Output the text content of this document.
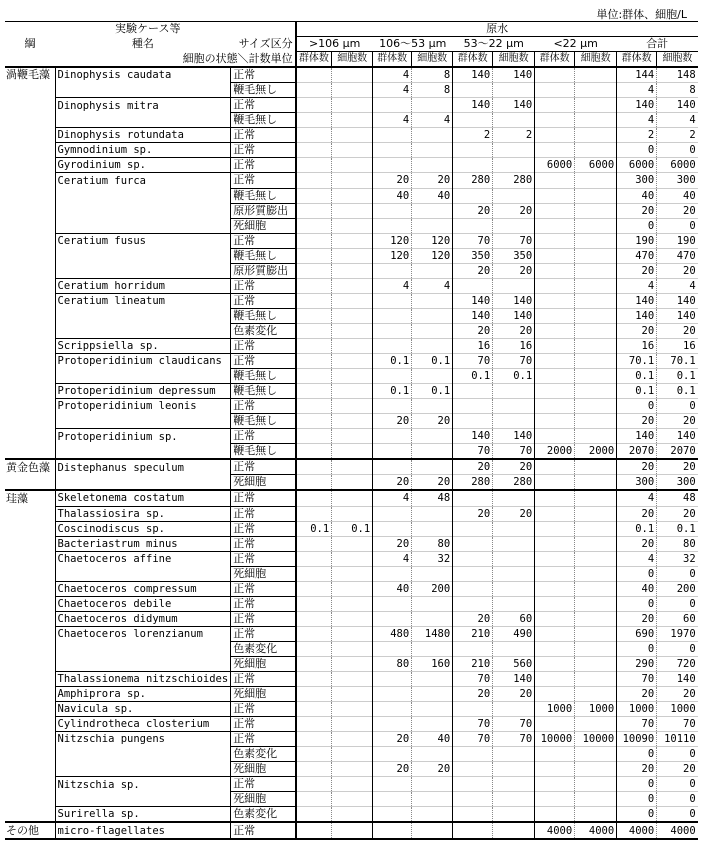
単位:群体、細胞/L
	実験ケース等		原水									
綱	種名	サイズ区分	>106 μm		106～53 μm		53～22 μm		<22 μm		合計	
	細胞の状態＼計数単位		群体数	細胞数	群体数	細胞数	群体数	細胞数	群体数	細胞数	群体数	細胞数
渦鞭毛藻	Dinophysis caudata	正常			4	8	140	140			144	148
		鞭毛無し			4	8					4	8
	Dinophysis mitra	正常					140	140			140	140
		鞭毛無し			4	4					4	4
	Dinophysis rotundata	正常					2	2			2	2
	Gymnodinium sp.	正常									0	0
	Gyrodinium sp.	正常							6000	6000	6000	6000
	Ceratium furca	正常			20	20	280	280			300	300
		鞭毛無し			40	40					40	40
		原形質膨出					20	20			20	20
		死細胞									0	0
	Ceratium fusus	正常			120	120	70	70			190	190
		鞭毛無し			120	120	350	350			470	470
		原形質膨出					20	20			20	20
	Ceratium horridum	正常			4	4					4	4
	Ceratium lineatum	正常					140	140			140	140
		鞭毛無し					140	140			140	140
		色素変化					20	20			20	20
	Scrippsiella sp.	正常					16	16			16	16
	Protoperidinium claudicans	正常			0.1	0.1	70	70			70.1	70.1
		鞭毛無し					0.1	0.1			0.1	0.1
	Protoperidinium depressum	鞭毛無し			0.1	0.1					0.1	0.1
	Protoperidinium leonis	正常									0	0
		鞭毛無し			20	20					20	20
	Protoperidinium sp.	正常					140	140			140	140
		鞭毛無し					70	70	2000	2000	2070	2070
黄金色藻	Distephanus speculum	正常					20	20			20	20
		死細胞			20	20	280	280			300	300
珪藻	Skeletonema costatum	正常			4	48					4	48
	Thalassiosira sp.	正常					20	20			20	20
	Coscinodiscus sp.	正常	0.1	0.1							0.1	0.1
	Bacteriastrum minus	正常			20	80					20	80
	Chaetoceros affine	正常			4	32					4	32
		死細胞									0	0
	Chaetoceros compressum	正常			40	200					40	200
	Chaetoceros debile	正常									0	0
	Chaetoceros didymum	正常					20	60			20	60
	Chaetoceros lorenzianum	正常			480	1480	210	490			690	1970
		色素変化									0	0
		死細胞			80	160	210	560			290	720
	Thalassionema nitzschioides	正常					70	140			70	140
	Amphiprora sp.	死細胞					20	20			20	20
	Navicula sp.	正常							1000	1000	1000	1000
	Cylindrotheca closterium	正常					70	70			70	70
	Nitzschia pungens	正常			20	40	70	70	10000	10000	10090	10110
		色素変化									0	0
		死細胞			20	20					20	20
	Nitzschia sp.	正常									0	0
		死細胞									0	0
	Surirella sp.	色素変化									0	0
その他	micro-flagellates	正常							4000	4000	4000	4000
